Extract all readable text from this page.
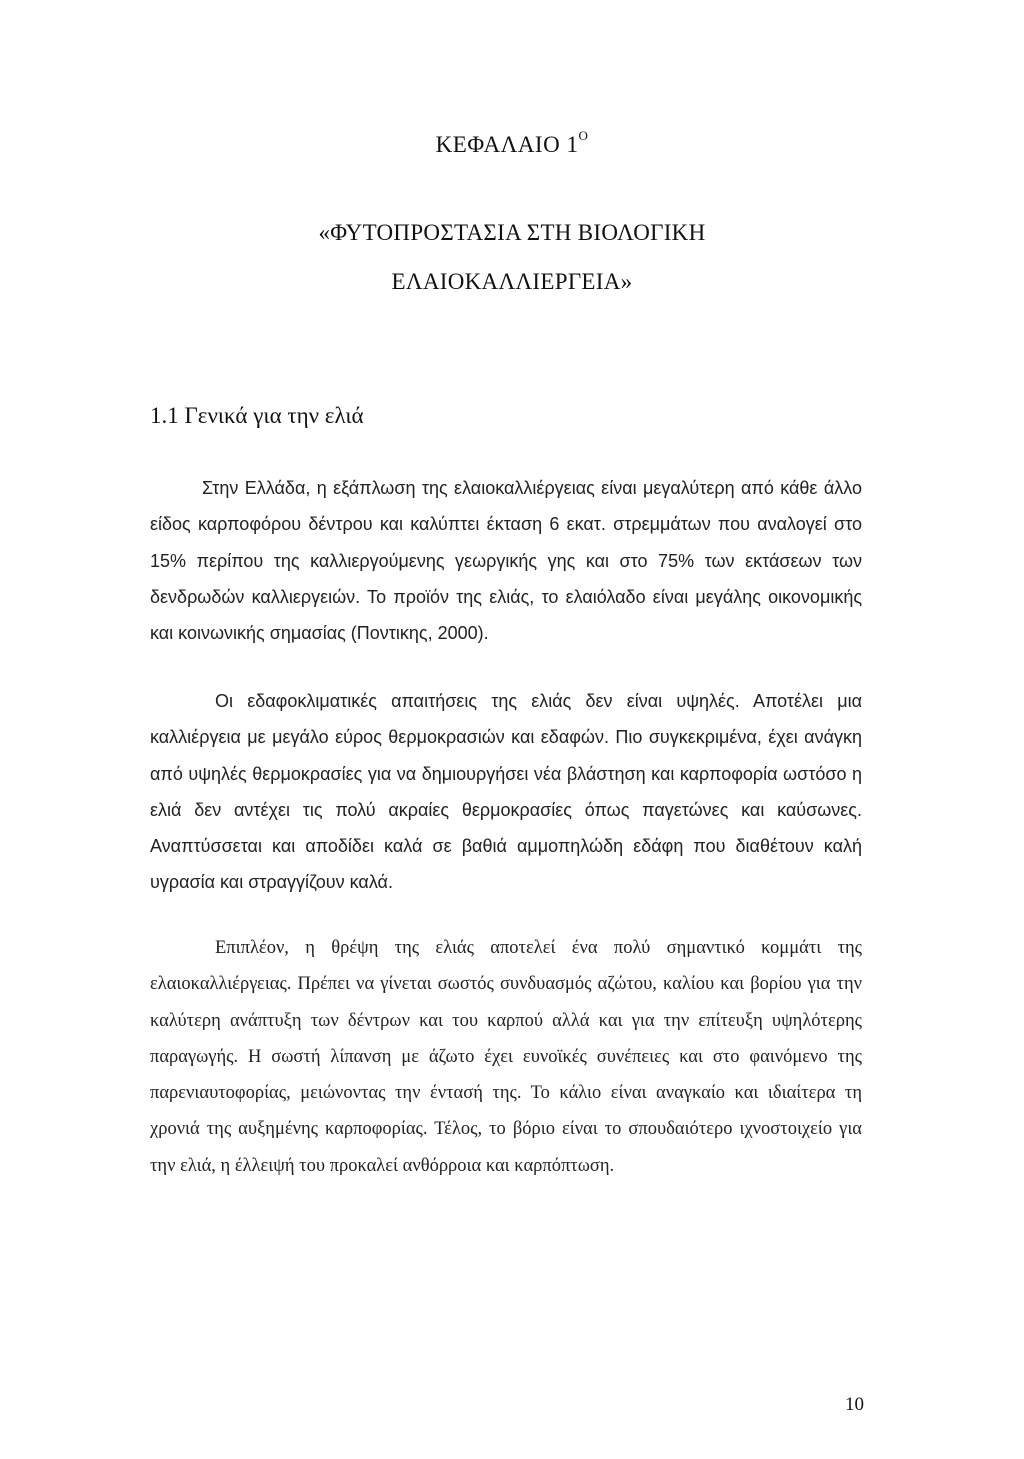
ΚΕΦΑΛΑΙΟ $1^O$
«ΦΥΤΟΠΡΟΣΤΑΣΙΑ ΣΤΗ ΒΙΟΛΟΓΙΚΗ
ΕΛΑΙΟΚΑΛΛΙΕΡΓΕΙΑ»
1.1 Γενικά για την ελιά

Στην Ελλάδα, η εξάπλωση της ελαιοκαλλιέργειας είναι μεγαλύτερη από κάθε άλλο είδος καρποφόρου δέντρου και καλύπτει έκταση 6 εκατ. στρεμμάτων που αναλογεί στο 15% περίπου της καλλιεργούμενης γεωργικής γης και στο 75% των εκτάσεων των δενδρωδών καλλιεργειών. Το προϊόν της ελιάς, το ελαιόλαδο είναι μεγάλης οικονομικής και κοινωνικής σημασίας (Ποντικης, 2000).

Οι εδαφοκλιματικές απαιτήσεις της ελιάς δεν είναι υψηλές. Αποτέλει μια καλλιέργεια με μεγάλο εύρος θερμοκρασιών και εδαφών. Πιο συγκεκριμένα, έχει ανάγκη από υψηλές θερμοκρασίες για να δημιουργήσει νέα βλάστηση και καρποφορία ωστόσο η ελιά δεν αντέχει τις πολύ ακραίες θερμοκρασίες όπως παγετώνες και καύσωνες. Αναπτύσσεται και αποδίδει καλά σε βαθιά αμμοπηλώδη εδάφη που διαθέτουν καλή υγρασία και στραγγίζουν καλά.

Επιπλέον, η θρέψη της ελιάς αποτελεί ένα πολύ σημαντικό κομμάτι της ελαιοκαλλιέργειας. Πρέπει να γίνεται σωστός συνδυασμός αζώτου, καλίου και βορίου για την καλύτερη ανάπτυξη των δέντρων και του καρπού αλλά και για την επίτευξη υψηλότερης παραγωγής. Η σωστή λίπανση με άζωτο έχει ευνοϊκές συνέπειες και στο φαινόμενο της παρενιαυτοφορίας, μειώνοντας την έντασή της. Το κάλιο είναι αναγκαίο και ιδιαίτερα τη χρονιά της αυξημένης καρποφορίας. Τέλος, το βόριο είναι το σπουδαιότερο ιχνοστοιχείο για την ελιά, η έλλειψή του προκαλεί ανθόρροια και καρπόπτωση.

10
